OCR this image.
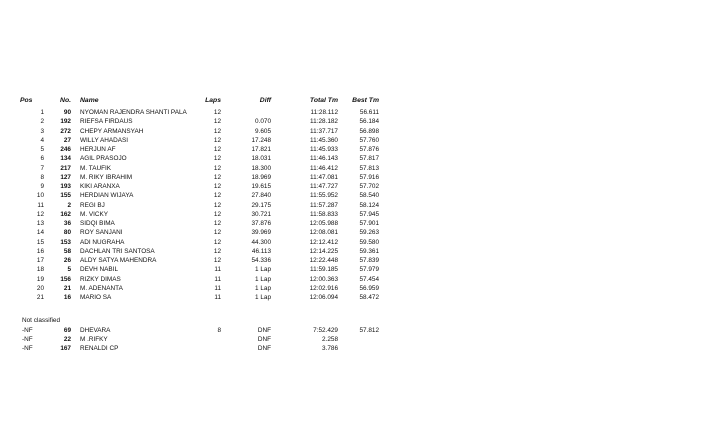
Pos	No.	Name	Laps	Diff	Total Tm	Best Tm
1	90	NYOMAN RAJENDRA SHANTI PALA	12		11:28.112	56.611
2	192	RIEFSA FIRDAUS	12	0.070	11:28.182	56.184
3	272	CHEPY ARMANSYAH	12	9.605	11:37.717	56.898
4	27	WILLY AHADASI	12	17.248	11:45.360	57.760
5	246	HERJUN AF	12	17.821	11:45.933	57.876
6	134	AGIL PRASOJO	12	18.031	11:46.143	57.817
7	217	M. TAUFIK	12	18.300	11:46.412	57.813
8	127	M. RIKY IBRAHIM	12	18.969	11:47.081	57.916
9	193	KIKI ARANXA	12	19.615	11:47.727	57.702
10	155	HERDIAN WIJAYA	12	27.840	11:55.952	58.540
11	2	REGI BJ	12	29.175	11:57.287	58.124
12	162	M. VICKY	12	30.721	11:58.833	57.945
13	36	SIDQI BIMA	12	37.876	12:05.988	57.901
14	80	ROY SANJANI	12	39.969	12:08.081	59.263
15	153	ADI NUGRAHA	12	44.300	12:12.412	59.580
16	58	DACHLAN TRI SANTOSA	12	46.113	12:14.225	59.361
17	26	ALDY SATYA MAHENDRA	12	54.336	12:22.448	57.839
18	5	DEVH NABIL	11	1 Lap	11:59.185	57.979
19	156	RIZKY DIMAS	11	1 Lap	12:00.363	57.454
20	21	M. ADENANTA	11	1 Lap	12:02.916	56.959
21	16	MARIO SA	11	1 Lap	12:06.094	58.472

Not classified						
-NF	69	DHEVARA	8	DNF	7:52.429	57.812
-NF	22	M .RIFKY		DNF	2.258	
-NF	167	RENALDI CP		DNF	3.786	
